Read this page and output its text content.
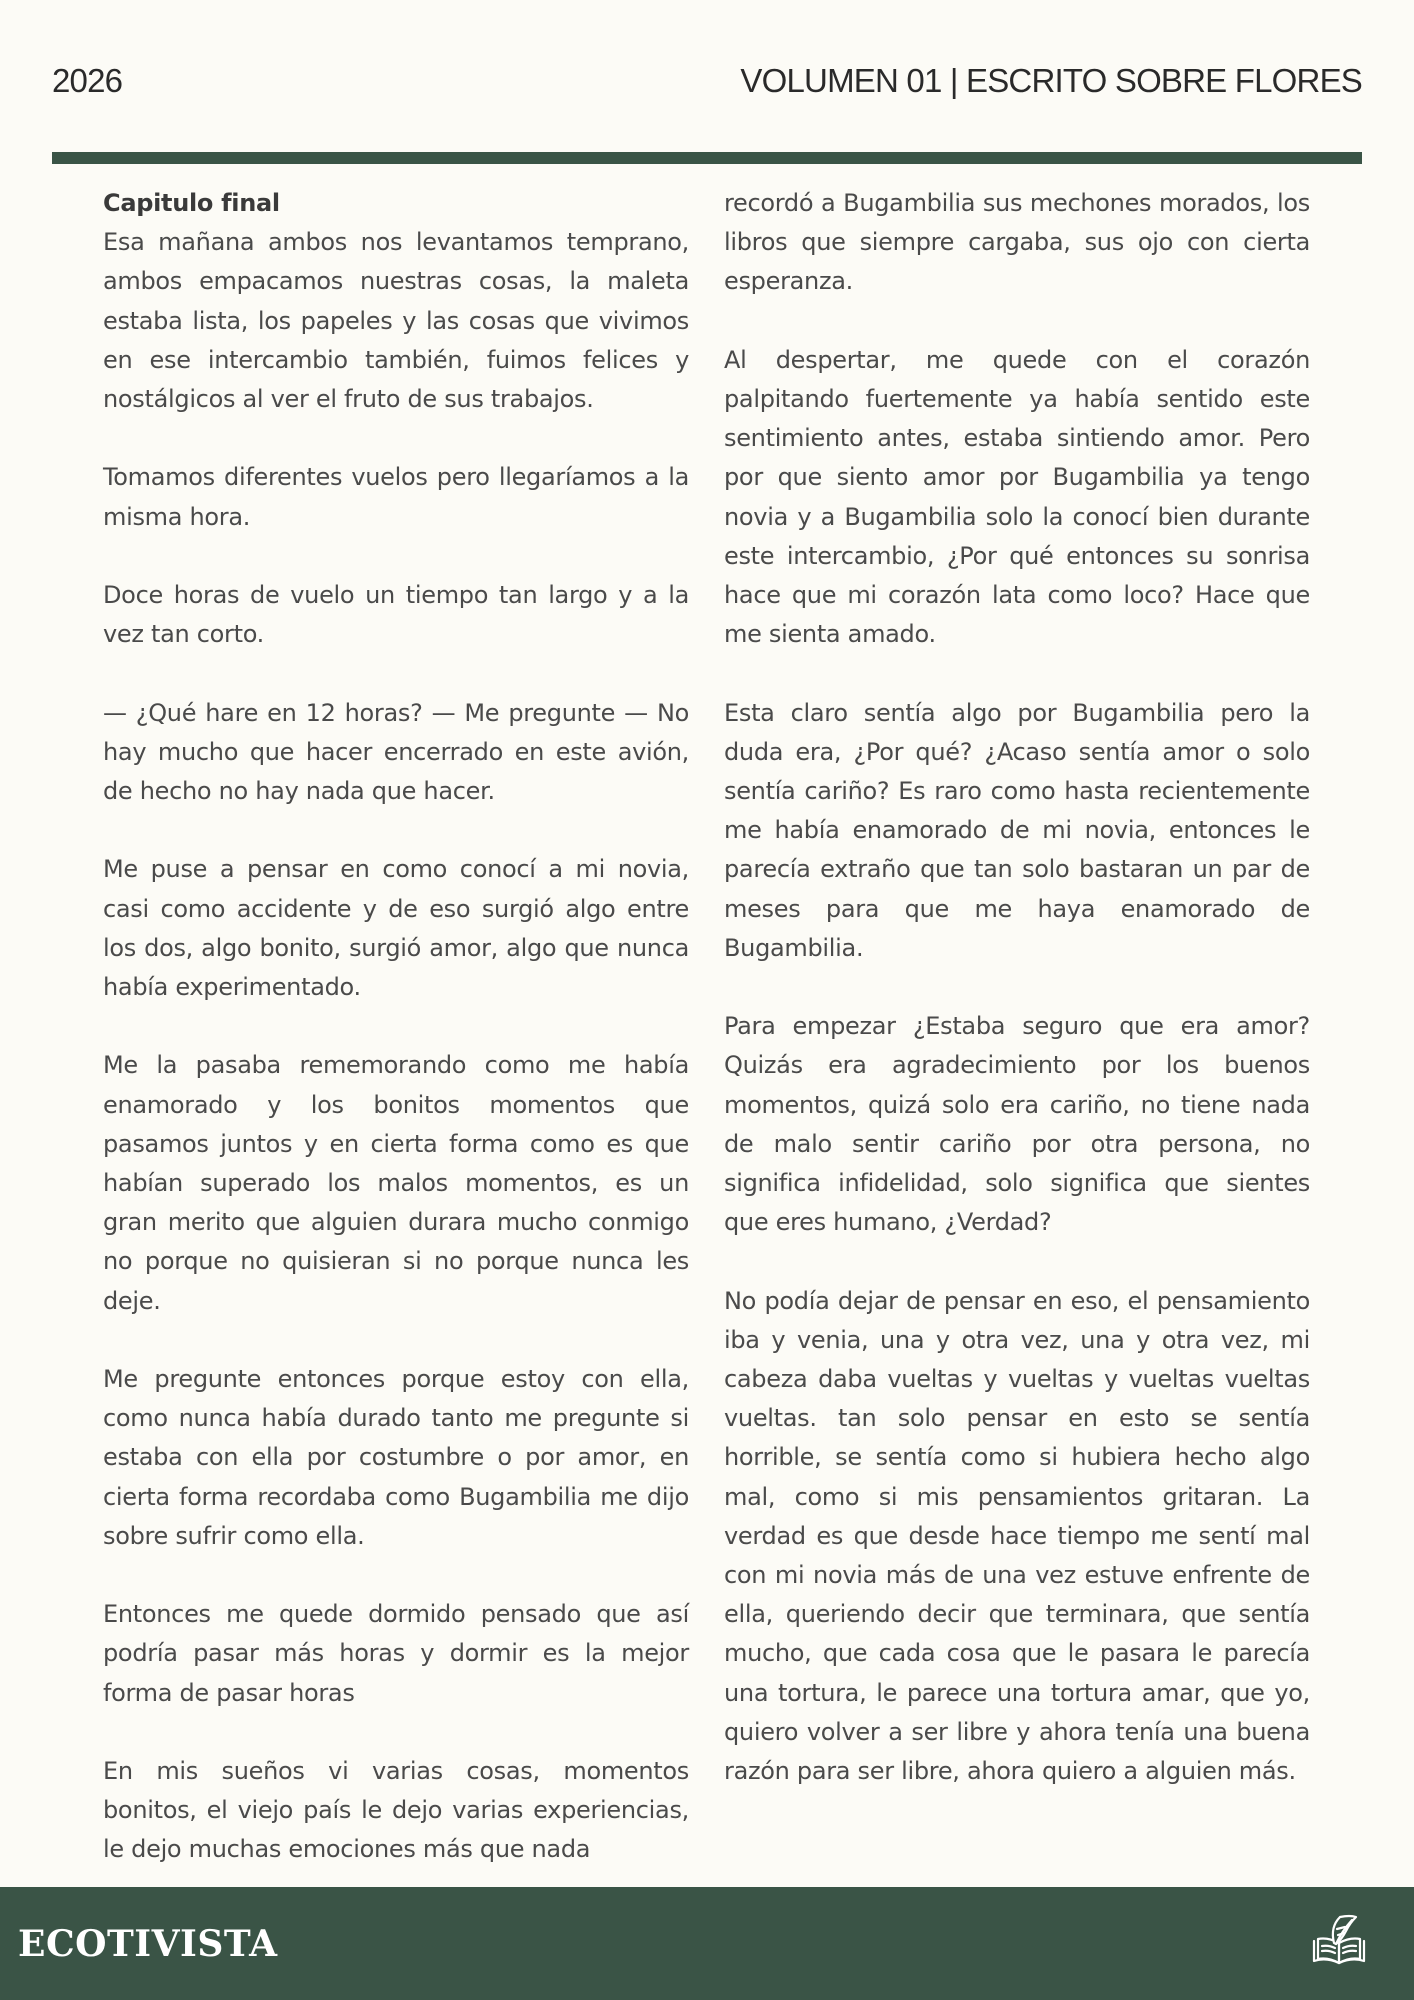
2026	VOLUMEN 01 | ESCRITO SOBRE FLORES
Capitulo final

Esa mañana ambos nos levantamos temprano, ambos empacamos nuestras cosas, la maleta estaba lista, los papeles y las cosas que vivimos en ese intercambio también, fuimos felices y nostálgicos al ver el fruto de sus trabajos.

Tomamos diferentes vuelos pero llegaríamos a la misma hora.

Doce horas de vuelo un tiempo tan largo y a la vez tan corto.

— ¿Qué hare en 12 horas? — Me pregunte — No hay mucho que hacer encerrado en este avión, de hecho no hay nada que hacer.

Me puse a pensar en como conocí a mi novia, casi como accidente y de eso surgió algo entre los dos, algo bonito, surgió amor, algo que nunca había experimentado.

Me la pasaba rememorando como me había enamorado y los bonitos momentos que pasamos juntos y en cierta forma como es que habían superado los malos momentos, es un gran merito que alguien durara mucho conmigo no porque no quisieran si no porque nunca les deje.

Me pregunte entonces porque estoy con ella, como nunca había durado tanto me pregunte si estaba con ella por costumbre o por amor, en cierta forma recordaba como Bugambilia me dijo sobre sufrir como ella.

Entonces me quede dormido pensado que así podría pasar más horas y dormir es la mejor forma de pasar horas

En mis sueños vi varias cosas, momentos bonitos, el viejo país le dejo varias experiencias, le dejo muchas emociones más que nada

recordó a Bugambilia sus mechones morados, los libros que siempre cargaba, sus ojo con cierta esperanza.

Al despertar, me quede con el corazón palpitando fuertemente ya había sentido este sentimiento antes, estaba sintiendo amor. Pero por que siento amor por Bugambilia ya tengo novia y a Bugambilia solo la conocí bien durante este intercambio, ¿Por qué entonces su sonrisa hace que mi corazón lata como loco? Hace que me sienta amado.

Esta claro sentía algo por Bugambilia pero la duda era, ¿Por qué? ¿Acaso sentía amor o solo sentía cariño? Es raro como hasta recientemente me había enamorado de mi novia, entonces le parecía extraño que tan solo bastaran un par de meses para que me haya enamorado de Bugambilia.

Para empezar ¿Estaba seguro que era amor? Quizás era agradecimiento por los buenos momentos, quizá solo era cariño, no tiene nada de malo sentir cariño por otra persona, no significa infidelidad, solo significa que sientes que eres humano, ¿Verdad?

No podía dejar de pensar en eso, el pensamiento iba y venia, una y otra vez, una y otra vez, mi cabeza daba vueltas y vueltas y vueltas vueltas vueltas. tan solo pensar en esto se sentía horrible, se sentía como si hubiera hecho algo mal, como si mis pensamientos gritaran. La verdad es que desde hace tiempo me sentí mal con mi novia más de una vez estuve enfrente de ella, queriendo decir que terminara, que sentía mucho, que cada cosa que le pasara le parecía una tortura, le parece una tortura amar, que yo, quiero volver a ser libre y ahora tenía una buena razón para ser libre, ahora quiero a alguien más.

ECOTIVISTA
